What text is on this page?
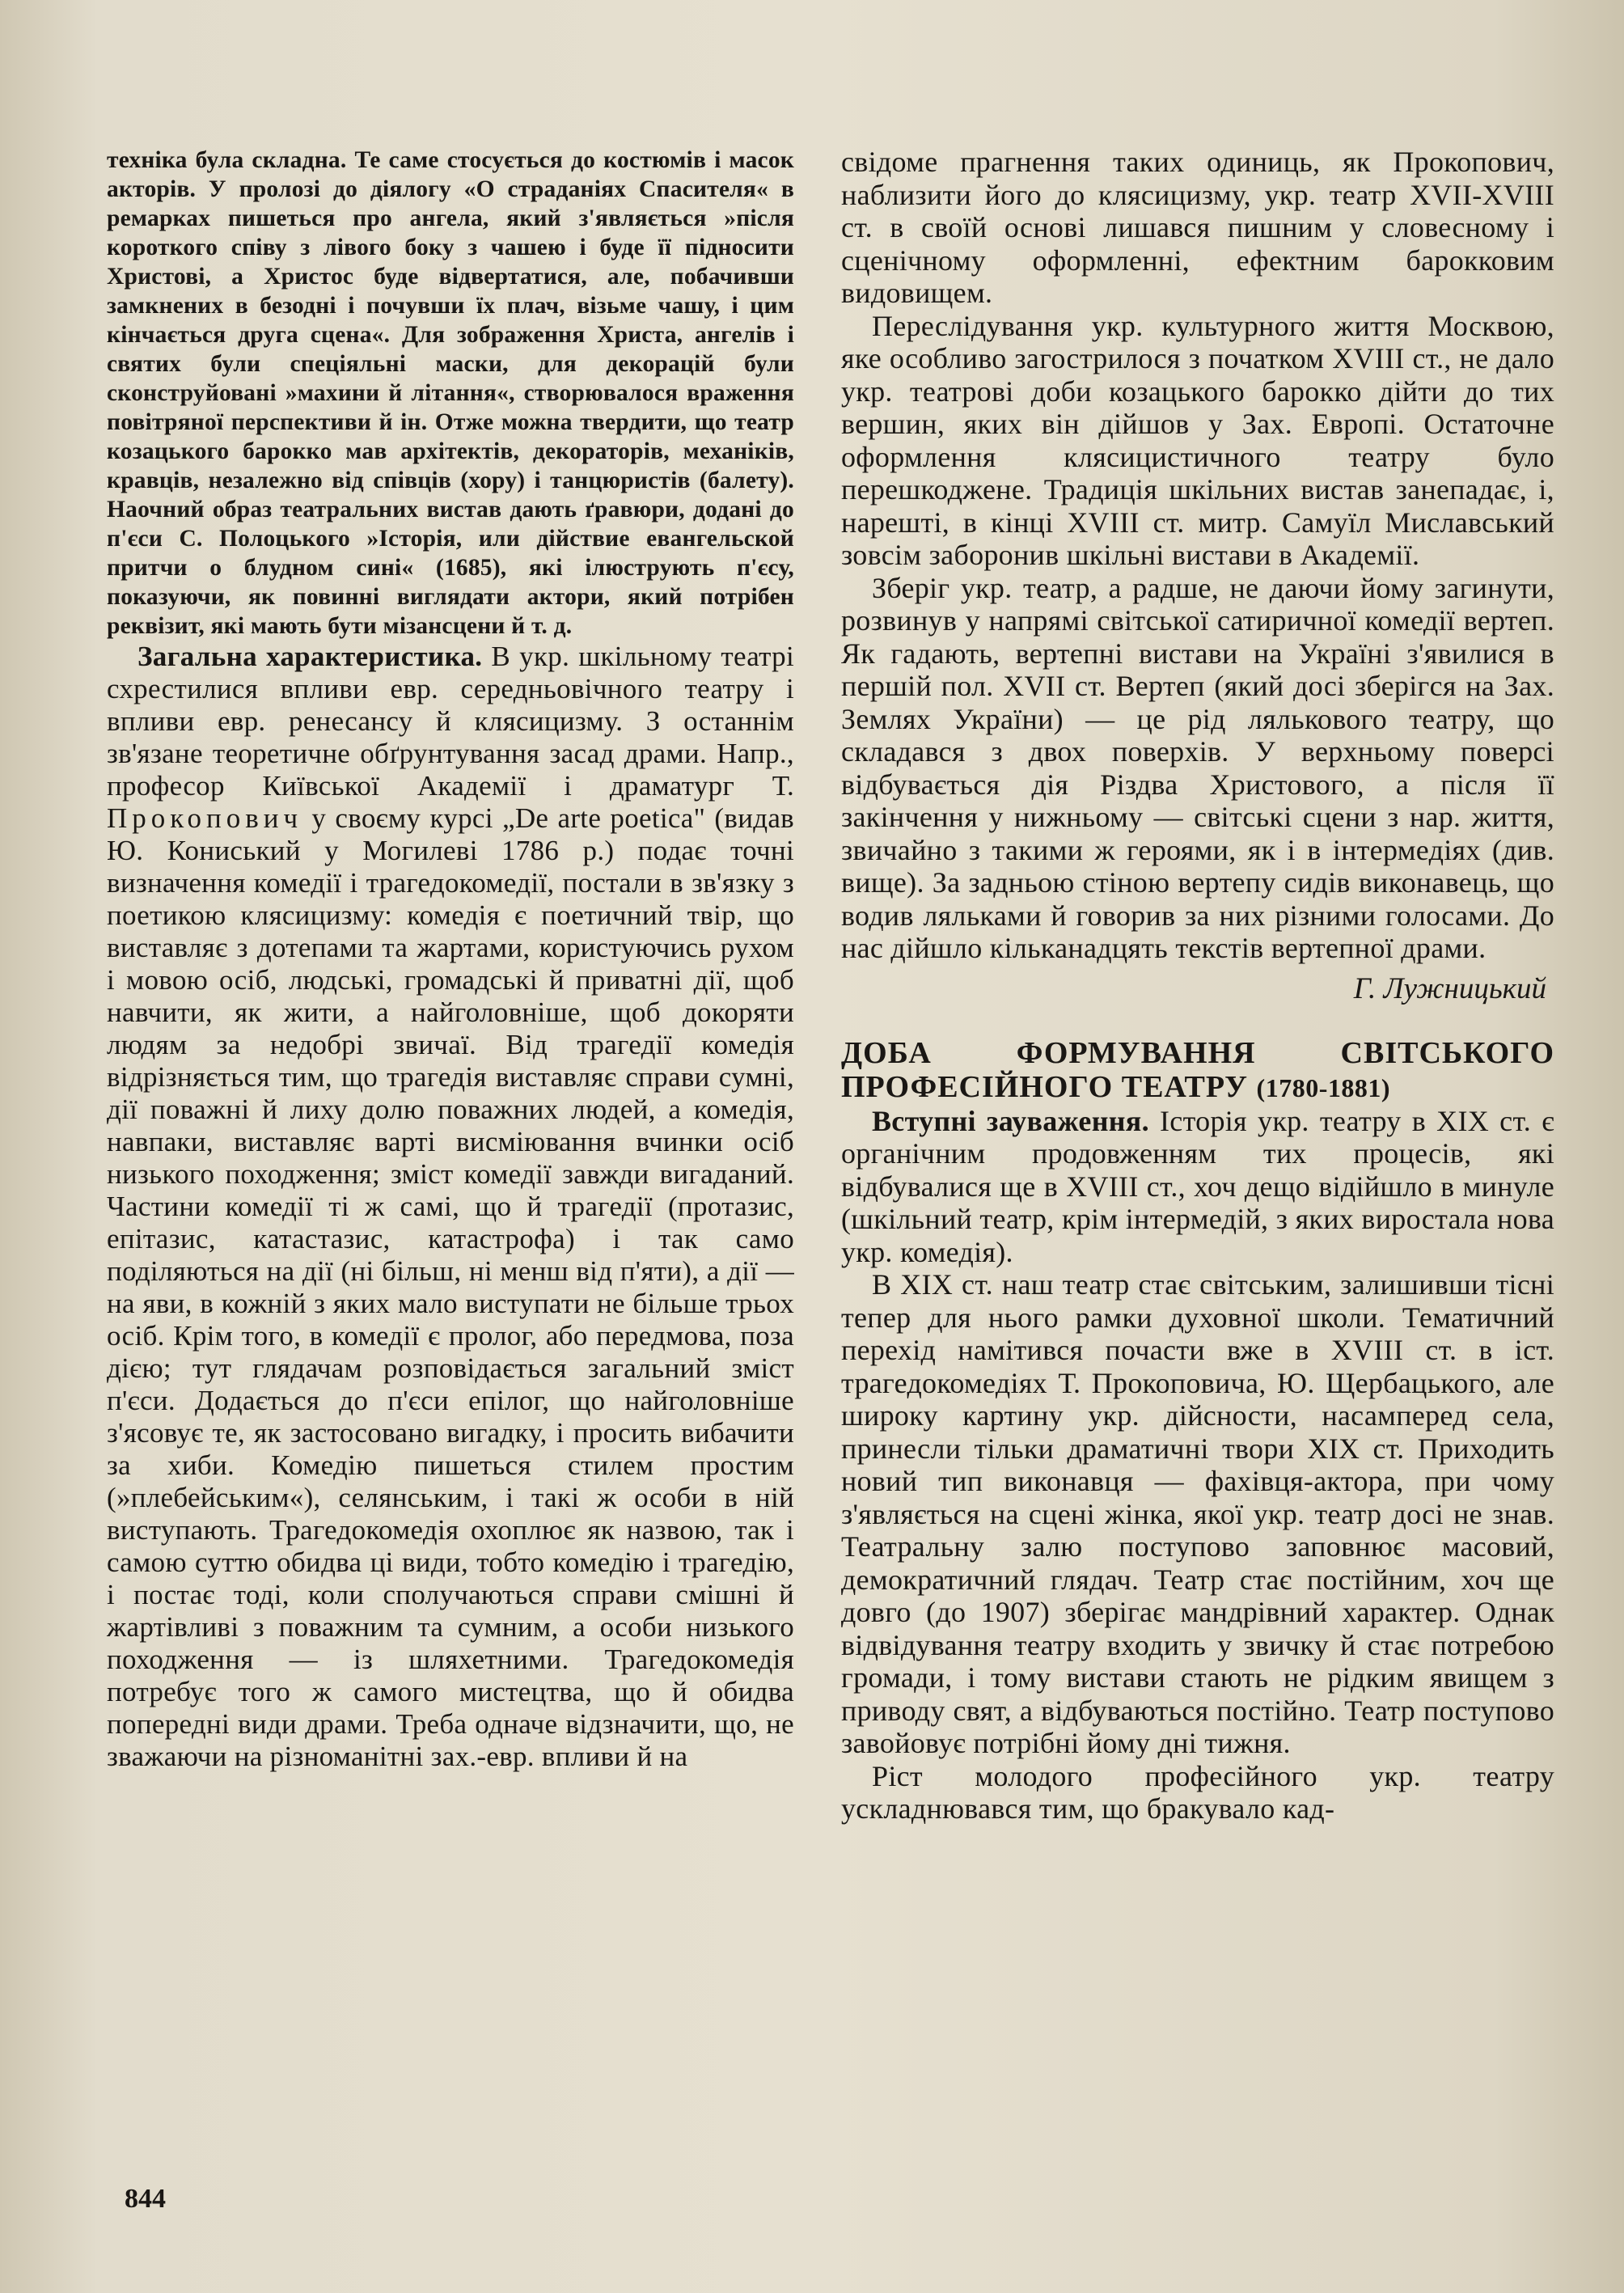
техніка була складна. Те саме стосується до костюмів і масок акторів. У пролозі до діялогу «О страданіях Спасителя« в ремарках пишеться про ангела, який з'являється »після короткого співу з лівого боку з чашею і буде її підносити Христові, а Христос буде відвертатися, але, побачивши замкнених в безодні і почувши їх плач, візьме чашу, і цим кінчається друга сцена«. Для зображення Христа, ангелів і святих були спеціяльні маски, для декорацій були сконструйовані »махини й літання«, створювалося враження повітряної перспективи й ін. Отже можна твердити, що театр козацького барокко мав архітектів, декораторів, механіків, кравців, незалежно від співців (хору) і танцюристів (балету). Наочний образ театральних вистав дають ґравюри, додані до п'єси С. Полоцького »Історія, или дійствие евангельской притчи о блудном сині« (1685), які ілюструють п'єсу, показуючи, як повинні виглядати актори, який потрібен реквізит, які мають бути мізансцени й т. д.

Загальна характеристика. В укр. шкільному театрі схрестилися впливи евр. середньовічного театру і впливи евр. ренесансу й клясицизму. З останнім зв'язане теоретичне обґрунтування засад драми. Напр., професор Київської Академії і драматург Т. Прокопович у своєму курсі „De arte poetica" (видав Ю. Кониський у Могилеві 1786 р.) подає точні визначення комедії і трагедокомедії, постали в зв'язку з поетикою клясицизму: комедія є поетичний твір, що виставляє з дотепами та жартами, користуючись рухом і мовою осіб, людські, громадські й приватні дії, щоб навчити, як жити, а найголовніше, щоб докоряти людям за недобрі звичаї. Від трагедії комедія відрізняється тим, що трагедія виставляє справи сумні, дії поважні й лиху долю поважних людей, а комедія, навпаки, виставляє варті висміювання вчинки осіб низького походження; зміст комедії завжди вигаданий. Частини комедії ті ж самі, що й трагедії (протазис, епітазис, катастазис, катастрофа) і так само поділяються на дії (ні більш, ні менш від п'яти), а дії — на яви, в кожній з яких мало виступати не більше трьох осіб. Крім того, в комедії є пролог, або передмова, поза дією; тут глядачам розповідається загальний зміст п'єси. Додається до п'єси епілог, що найголовніше з'ясовує те, як застосовано вигадку, і просить вибачити за хиби. Комедію пишеться стилем простим (»плебейським«), селянським, і такі ж особи в ній виступають. Трагедокомедія охоплює як назвою, так і самою суттю обидва ці види, тобто комедію і трагедію, і постає тоді, коли сполучаються справи смішні й жартівливі з поважним та сумним, а особи низького походження — із шляхетними. Трагедокомедія потребує того ж самого мистецтва, що й обидва попередні види драми. Треба одначе відзначити, що, не зважаючи на різноманітні зах.-евр. впливи й на

свідоме прагнення таких одиниць, як Прокопович, наблизити його до клясицизму, укр. театр XVII-XVIII ст. в своїй основі лишався пишним у словесному і сценічному оформленні, ефектним барокковим видовищем.

Переслідування укр. культурного життя Москвою, яке особливо загострилося з початком XVIII ст., не дало укр. театрові доби козацького барокко дійти до тих вершин, яких він дійшов у Зах. Европі. Остаточне оформлення клясицистичного театру було перешкоджене. Традиція шкільних вистав занепадає, і, нарешті, в кінці XVIII ст. митр. Самуїл Миславський зовсім заборонив шкільні вистави в Академії.

Зберіг укр. театр, а радше, не даючи йому загинути, розвинув у напрямі світської сатиричної комедії вертеп. Як гадають, вертепні вистави на Україні з'явилися в першій пол. XVII ст. Вертеп (який досі зберігся на Зах. Землях України) — це рід лялькового театру, що складався з двох поверхів. У верхньому поверсі відбувається дія Різдва Христового, а після її закінчення у нижньому — світські сцени з нар. життя, звичайно з такими ж героями, як і в інтермедіях (див. вище). За задньою стіною вертепу сидів виконавець, що водив ляльками й говорив за них різними голосами. До нас дійшло кільканадцять текстів вертепної драми.

Г. Лужницький
ДОБА ФОРМУВАННЯ СВІТСЬКОГО ПРОФЕСІЙНОГО ТЕАТРУ (1780-1881)

Вступні зауваження. Історія укр. театру в XIX ст. є органічним продовженням тих процесів, які відбувалися ще в XVIII ст., хоч дещо відійшло в минуле (шкільний театр, крім інтермедій, з яких виростала нова укр. комедія).

В XIX ст. наш театр стає світським, залишивши тісні тепер для нього рамки духовної школи. Тематичний перехід намітився почасти вже в XVIII ст. в іст. трагедокомедіях Т. Прокоповича, Ю. Щербацького, але широку картину укр. дійсности, насамперед села, принесли тільки драматичні твори XIX ст. Приходить новий тип виконавця — фахівця-актора, при чому з'являється на сцені жінка, якої укр. театр досі не знав. Театральну залю поступово заповнює масовий, демократичний глядач. Театр стає постійним, хоч ще довго (до 1907) зберігає мандрівний характер. Однак відвідування театру входить у звичку й стає потребою громади, і тому вистави стають не рідким явищем з приводу свят, а відбуваються постійно. Театр поступово завойовує потрібні йому дні тижня.

Ріст молодого професійного укр. театру ускладнювався тим, що бракувало кад-

844
